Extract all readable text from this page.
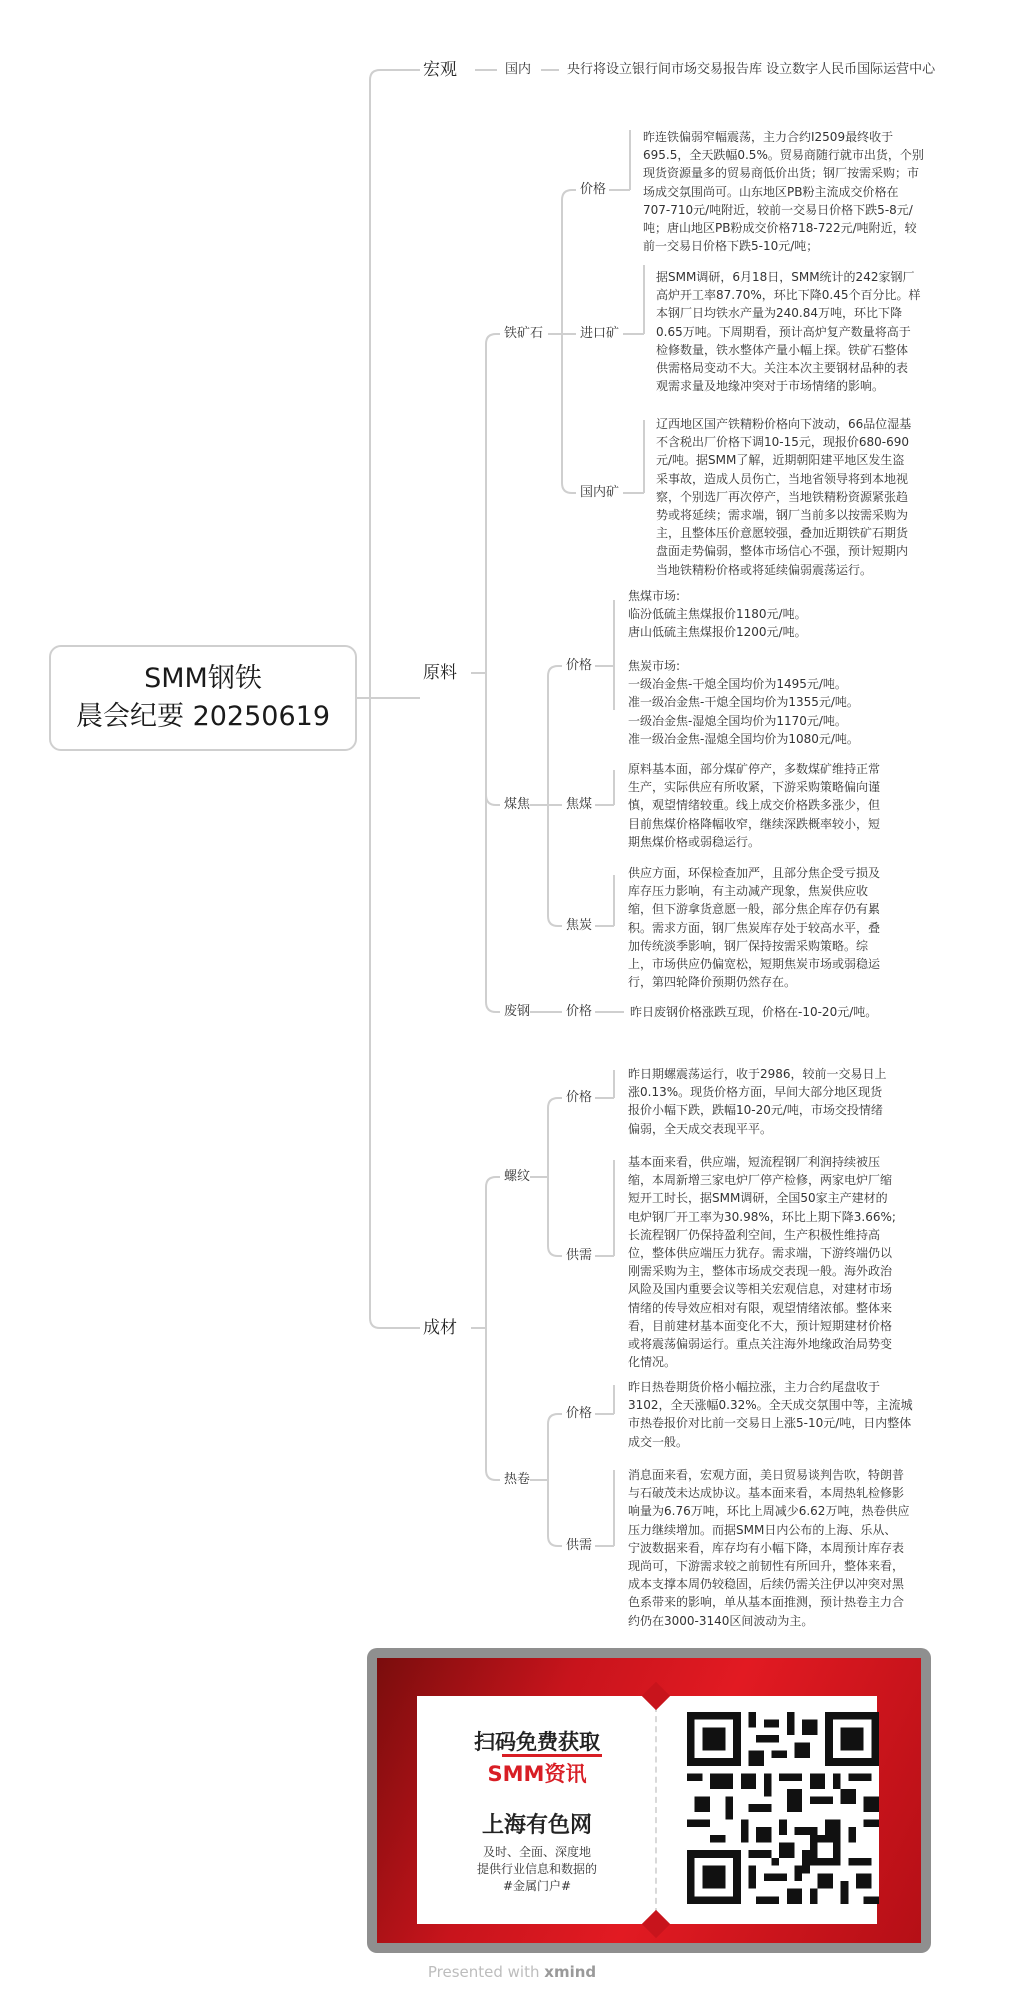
SMM钢铁
晨会纪要 20250619
宏观	国内	央行将设立银行间市场交易报告库 设立数字人民币国际运营中心
原料
铁矿石
价格
昨连铁偏弱窄幅震荡，主力合约I2509最终收于
695.5，全天跌幅0.5%。贸易商随行就市出货，个别
现货资源量多的贸易商低价出货；钢厂按需采购；市
场成交氛围尚可。山东地区PB粉主流成交价格在
707-710元/吨附近，较前一交易日价格下跌5-8元/
吨；唐山地区PB粉成交价格718-722元/吨附近，较
前一交易日价格下跌5-10元/吨；
进口矿
据SMM调研，6月18日，SMM统计的242家钢厂
高炉开工率87.70%，环比下降0.45个百分比。样
本钢厂日均铁水产量为240.84万吨，环比下降
0.65万吨。下周期看，预计高炉复产数量将高于
检修数量，铁水整体产量小幅上探。铁矿石整体
供需格局变动不大。关注本次主要钢材品种的表
观需求量及地缘冲突对于市场情绪的影响。
国内矿
辽西地区国产铁精粉价格向下波动，66品位湿基
不含税出厂价格下调10-15元，现报价680-690
元/吨。据SMM了解，近期朝阳建平地区发生盗
采事故，造成人员伤亡，当地省领导将到本地视
察，个别选厂再次停产，当地铁精粉资源紧张趋
势或将延续；需求端，钢厂当前多以按需采购为
主，且整体压价意愿较强，叠加近期铁矿石期货
盘面走势偏弱，整体市场信心不强，预计短期内
当地铁精粉价格或将延续偏弱震荡运行。
煤焦
价格
焦煤市场:
临汾低硫主焦煤报价1180元/吨。
唐山低硫主焦煤报价1200元/吨。
焦炭市场:
一级冶金焦-干熄全国均价为1495元/吨。
准一级冶金焦-干熄全国均价为1355元/吨。
一级冶金焦-湿熄全国均价为1170元/吨。
准一级冶金焦-湿熄全国均价为1080元/吨。
焦煤
原料基本面，部分煤矿停产，多数煤矿维持正常
生产，实际供应有所收紧，下游采购策略偏向谨
慎，观望情绪较重。线上成交价格跌多涨少，但
目前焦煤价格降幅收窄，继续深跌概率较小，短
期焦煤价格或弱稳运行。
焦炭
供应方面，环保检查加严，且部分焦企受亏损及
库存压力影响，有主动减产现象，焦炭供应收
缩，但下游拿货意愿一般，部分焦企库存仍有累
积。需求方面，钢厂焦炭库存处于较高水平，叠
加传统淡季影响，钢厂保持按需采购策略。综
上，市场供应仍偏宽松，短期焦炭市场或弱稳运
行，第四轮降价预期仍然存在。
废钢	价格	昨日废钢价格涨跌互现，价格在-10-20元/吨。
成材
螺纹
价格
昨日期螺震荡运行，收于2986，较前一交易日上
涨0.13%。现货价格方面，早间大部分地区现货
报价小幅下跌，跌幅10-20元/吨，市场交投情绪
偏弱，全天成交表现平平。
供需
基本面来看，供应端，短流程钢厂利润持续被压
缩，本周新增三家电炉厂停产检修，两家电炉厂缩
短开工时长，据SMM调研，全国50家主产建材的
电炉钢厂开工率为30.98%，环比上期下降3.66%;
长流程钢厂仍保持盈利空间，生产积极性维持高
位，整体供应端压力犹存。需求端，下游终端仍以
刚需采购为主，整体市场成交表现一般。海外政治
风险及国内重要会议等相关宏观信息，对建材市场
情绪的传导效应相对有限，观望情绪浓郁。整体来
看，目前建材基本面变化不大，预计短期建材价格
或将震荡偏弱运行。重点关注海外地缘政治局势变
化情况。
热卷
价格
昨日热卷期货价格小幅拉涨，主力合约尾盘收于
3102，全天涨幅0.32%。全天成交氛围中等，主流城
市热卷报价对比前一交易日上涨5-10元/吨，日内整体
成交一般。
供需
消息面来看，宏观方面，美日贸易谈判告吹，特朗普
与石破茂未达成协议。基本面来看，本周热轧检修影
响量为6.76万吨，环比上周减少6.62万吨，热卷供应
压力继续增加。而据SMM日内公布的上海、乐从、
宁波数据来看，库存均有小幅下降，本周预计库存表
现尚可，下游需求较之前韧性有所回升，整体来看，
成本支撑本周仍较稳固，后续仍需关注伊以冲突对黑
色系带来的影响，单从基本面推测，预计热卷主力合
约仍在3000-3140区间波动为主。
扫码免费获取
SMM资讯
上海有色网
及时、全面、深度地
提供行业信息和数据的
#金属门户#
Presented with xmind
